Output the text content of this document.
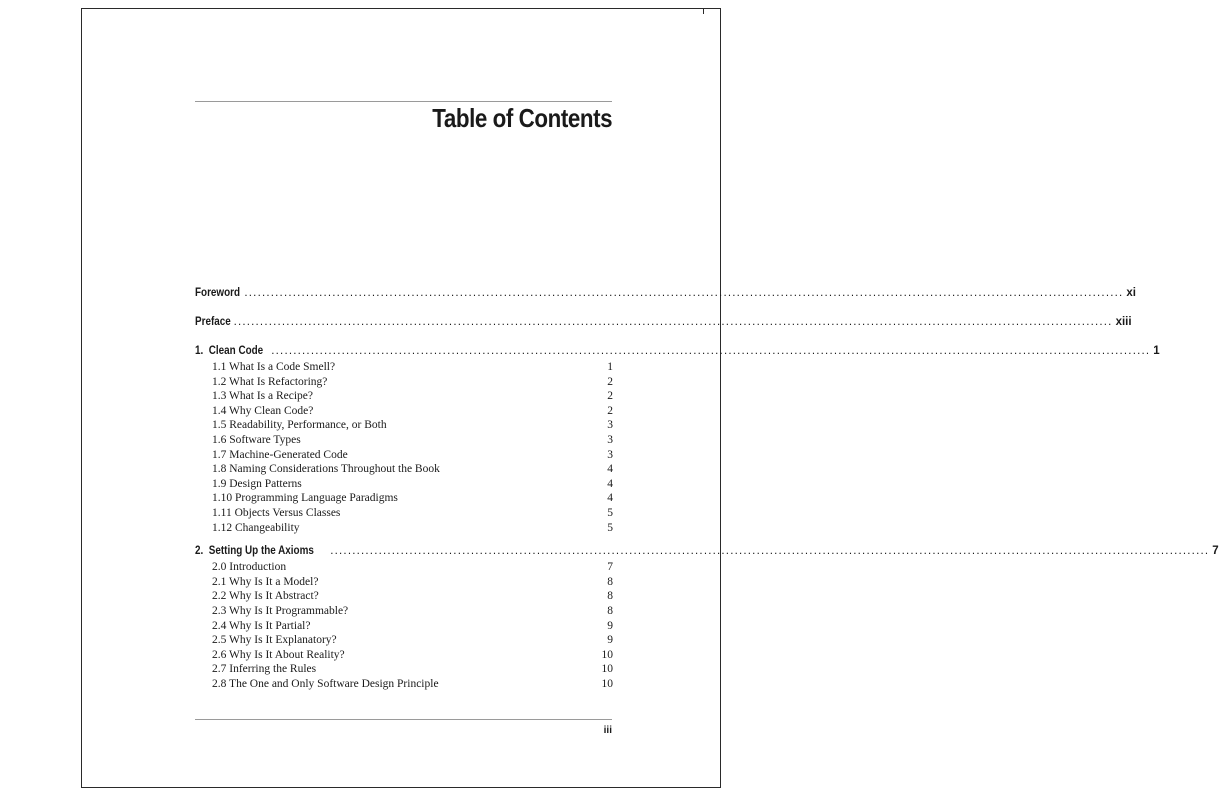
Table of Contents
Foreword ........................................................................................................................................................................................................ xi
Preface ........................................................................................................................................................................................................ xiii
1. Clean Code ........................................................................................................................................................................................................ 1
1.1 What Is a Code Smell?	1
1.2 What Is Refactoring?	2
1.3 What Is a Recipe?	2
1.4 Why Clean Code?	2
1.5 Readability, Performance, or Both	3
1.6 Software Types	3
1.7 Machine-Generated Code	3
1.8 Naming Considerations Throughout the Book	4
1.9 Design Patterns	4
1.10 Programming Language Paradigms	4
1.11 Objects Versus Classes	5
1.12 Changeability	5
2. Setting Up the Axioms ........................................................................................................................................................................................................ 7
2.0 Introduction	7
2.1 Why Is It a Model?	8
2.2 Why Is It Abstract?	8
2.3 Why Is It Programmable?	8
2.4 Why Is It Partial?	9
2.5 Why Is It Explanatory?	9
2.6 Why Is It About Reality?	10
2.7 Inferring the Rules	10
2.8 The One and Only Software Design Principle	10
iii
